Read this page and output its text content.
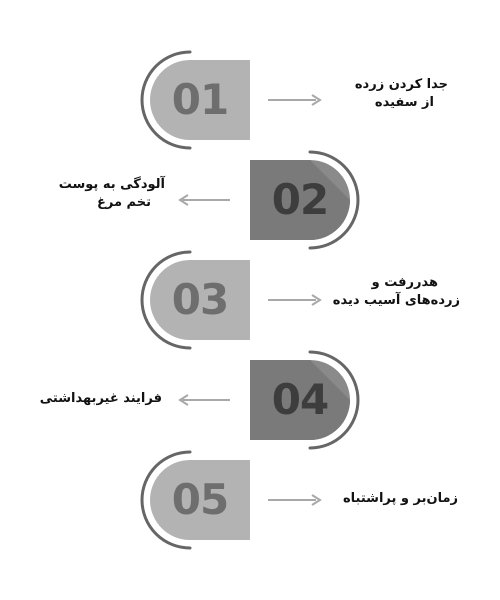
01	جدا کردن زرده
از سفیده
02
آلودگی به پوست
تخم مرغ
03	هدررفت و
زرده‌های آسیب دیده
04
فرایند غیربهداشتی
05	زمان‌بر و پراشتباه
